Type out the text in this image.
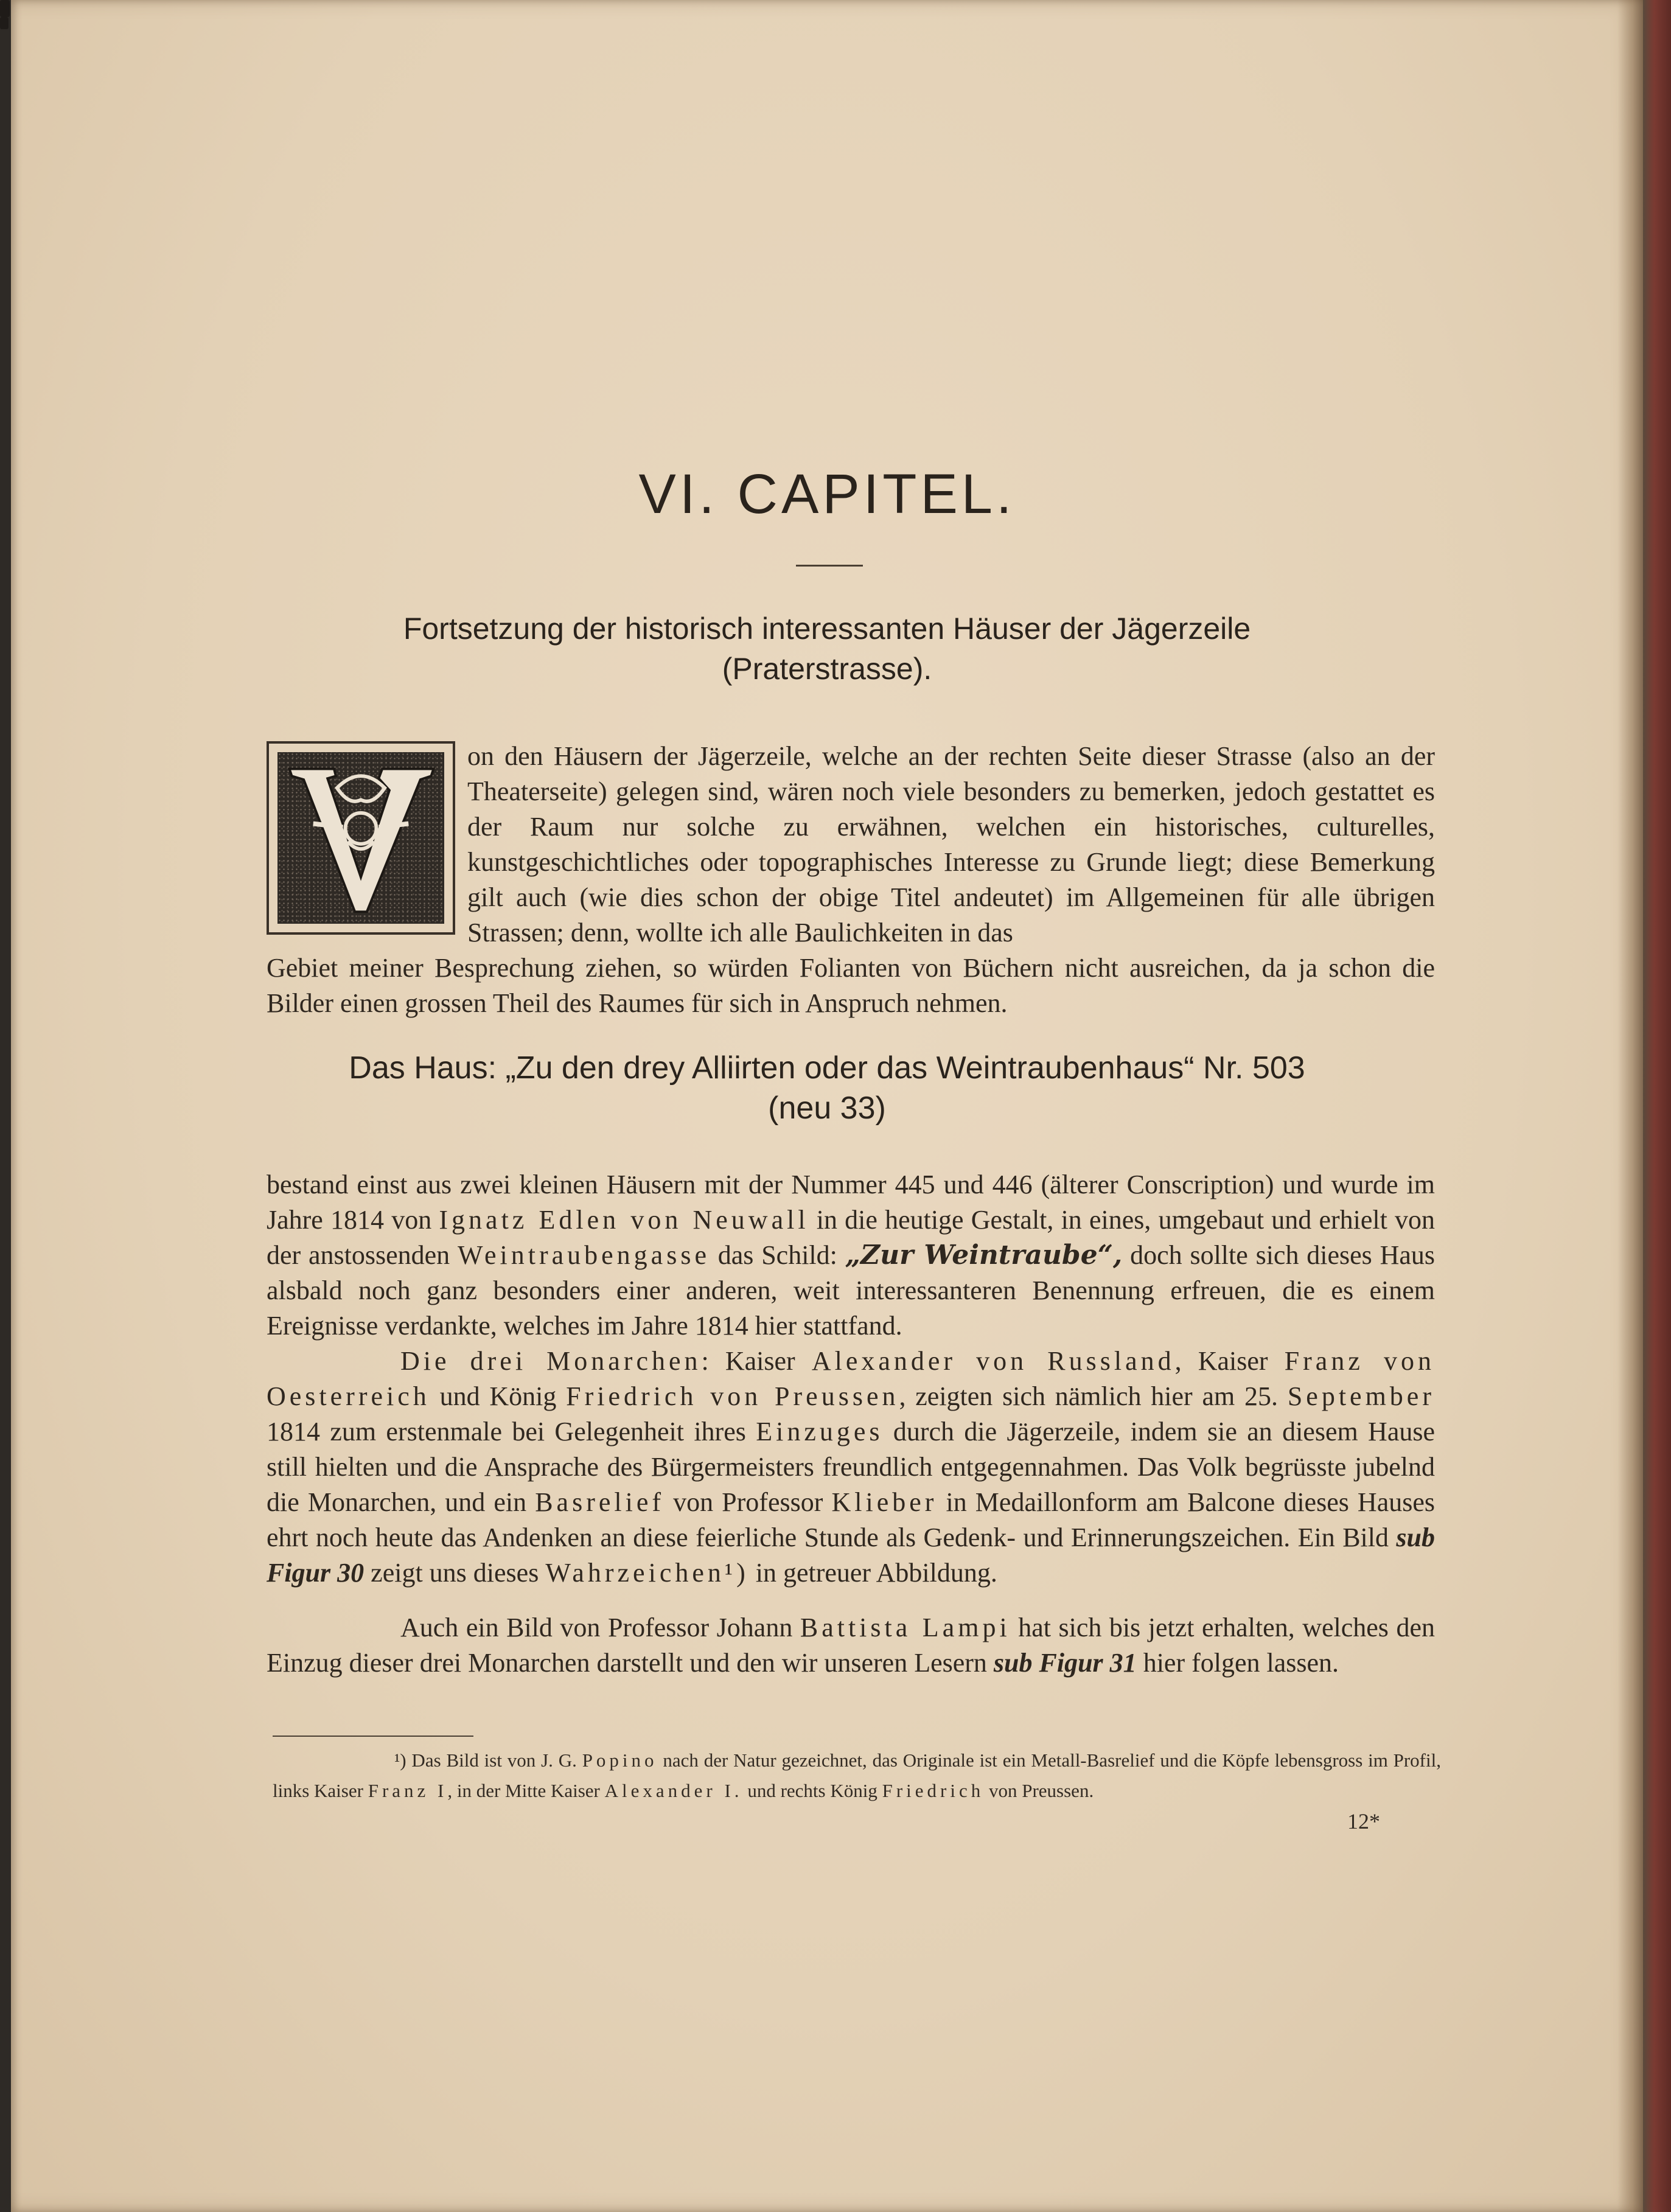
VI. CAPITEL.
Fortsetzung der historisch interessanten Häuser der Jägerzeile
(Praterstrasse).
V	on den Häusern der Jägerzeile, welche an der rechten Seite dieser Strasse (also an der Theaterseite) gelegen sind, wären noch viele besonders zu bemerken, jedoch gestattet es der Raum nur solche zu erwähnen, welchen ein historisches, culturelles, kunstgeschichtliches oder topographisches Interesse zu Grunde liegt; diese Bemerkung gilt auch (wie dies schon der obige Titel andeutet) im Allgemeinen für alle übrigen Strassen; denn, wollte ich alle Baulichkeiten in das
Gebiet meiner Besprechung ziehen, so würden Folianten von Büchern nicht ausreichen, da ja schon die Bilder einen grossen Theil des Raumes für sich in Anspruch nehmen.
Das Haus: „Zu den drey Alliirten oder das Weintraubenhaus“ Nr. 503
(neu 33)
bestand einst aus zwei kleinen Häusern mit der Nummer 445 und 446 (älterer Conscription) und wurde im Jahre 1814 von Ignatz Edlen von Neuwall in die heutige Gestalt, in eines, umgebaut und erhielt von der anstossenden Weintraubengasse das Schild: „Zur Weintraube“, doch sollte sich dieses Haus alsbald noch ganz besonders einer anderen, weit interessanteren Benennung erfreuen, die es einem Ereignisse verdankte, welches im Jahre 1814 hier stattfand.
Die drei Monarchen: Kaiser Alexander von Russland, Kaiser Franz von Oesterreich und König Friedrich von Preussen, zeigten sich nämlich hier am 25. September 1814 zum erstenmale bei Gelegenheit ihres Einzuges durch die Jägerzeile, indem sie an diesem Hause still hielten und die Ansprache des Bürgermeisters freundlich entgegennahmen. Das Volk begrüsste jubelnd die Monarchen, und ein Basrelief von Professor Klieber in Medaillonform am Balcone dieses Hauses ehrt noch heute das Andenken an diese feierliche Stunde als Gedenk- und Erinnerungszeichen. Ein Bild sub Figur 30 zeigt uns dieses Wahrzeichen¹) in getreuer Abbildung.
Auch ein Bild von Professor Johann Battista Lampi hat sich bis jetzt erhalten, welches den Einzug dieser drei Monarchen darstellt und den wir unseren Lesern sub Figur 31 hier folgen lassen.
¹) Das Bild ist von J. G. Popino nach der Natur gezeichnet, das Originale ist ein Metall-Basrelief und die Köpfe lebensgross im Profil, links Kaiser Franz I, in der Mitte Kaiser Alexander I. und rechts König Friedrich von Preussen.
12*
